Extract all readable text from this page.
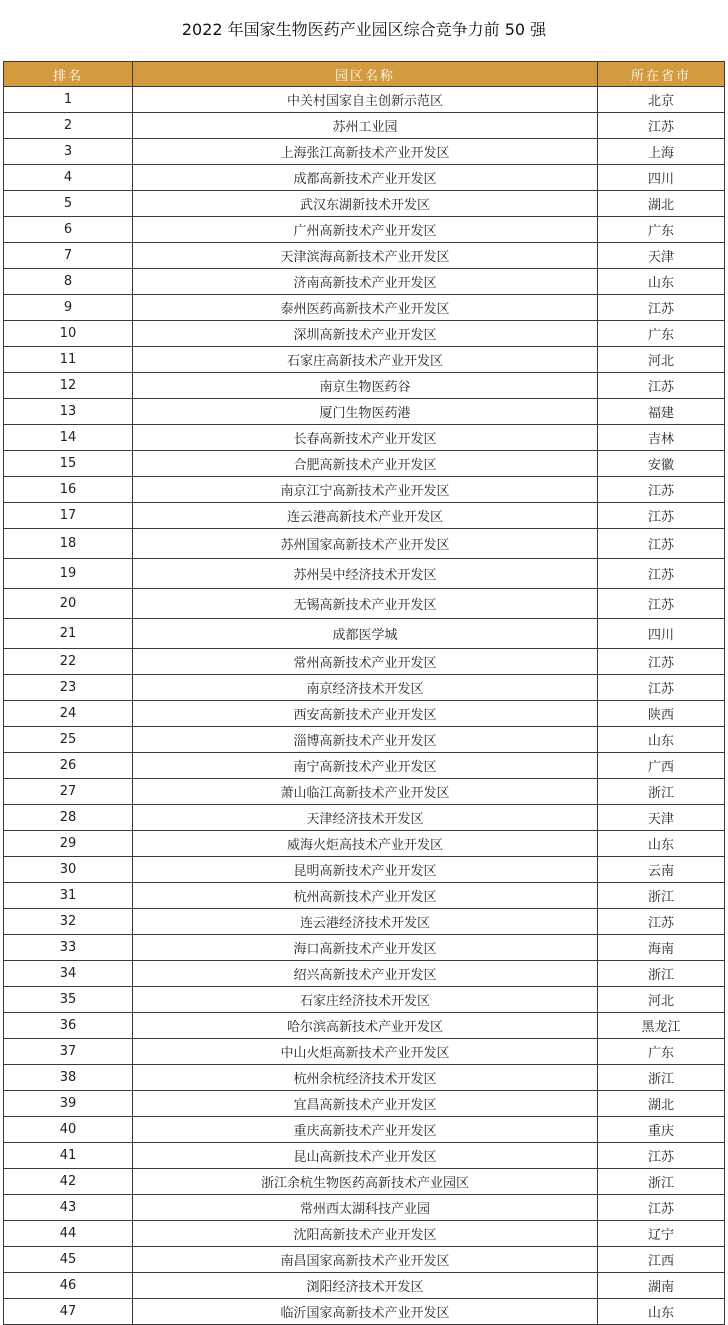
2022 年国家生物医药产业园区综合竞争力前 50 强
排名	园区名称	所在省市
1	中关村国家自主创新示范区	北京
2	苏州工业园	江苏
3	上海张江高新技术产业开发区	上海
4	成都高新技术产业开发区	四川
5	武汉东湖新技术开发区	湖北
6	广州高新技术产业开发区	广东
7	天津滨海高新技术产业开发区	天津
8	济南高新技术产业开发区	山东
9	泰州医药高新技术产业开发区	江苏
10	深圳高新技术产业开发区	广东
11	石家庄高新技术产业开发区	河北
12	南京生物医药谷	江苏
13	厦门生物医药港	福建
14	长春高新技术产业开发区	吉林
15	合肥高新技术产业开发区	安徽
16	南京江宁高新技术产业开发区	江苏
17	连云港高新技术产业开发区	江苏
18	苏州国家高新技术产业开发区	江苏
19	苏州吴中经济技术开发区	江苏
20	无锡高新技术产业开发区	江苏
21	成都医学城	四川
22	常州高新技术产业开发区	江苏
23	南京经济技术开发区	江苏
24	西安高新技术产业开发区	陕西
25	淄博高新技术产业开发区	山东
26	南宁高新技术产业开发区	广西
27	萧山临江高新技术产业开发区	浙江
28	天津经济技术开发区	天津
29	威海火炬高技术产业开发区	山东
30	昆明高新技术产业开发区	云南
31	杭州高新技术产业开发区	浙江
32	连云港经济技术开发区	江苏
33	海口高新技术产业开发区	海南
34	绍兴高新技术产业开发区	浙江
35	石家庄经济技术开发区	河北
36	哈尔滨高新技术产业开发区	黑龙江
37	中山火炬高新技术产业开发区	广东
38	杭州余杭经济技术开发区	浙江
39	宜昌高新技术产业开发区	湖北
40	重庆高新技术产业开发区	重庆
41	昆山高新技术产业开发区	江苏
42	浙江余杭生物医药高新技术产业园区	浙江
43	常州西太湖科技产业园	江苏
44	沈阳高新技术产业开发区	辽宁
45	南昌国家高新技术产业开发区	江西
46	浏阳经济技术开发区	湖南
47	临沂国家高新技术产业开发区	山东
